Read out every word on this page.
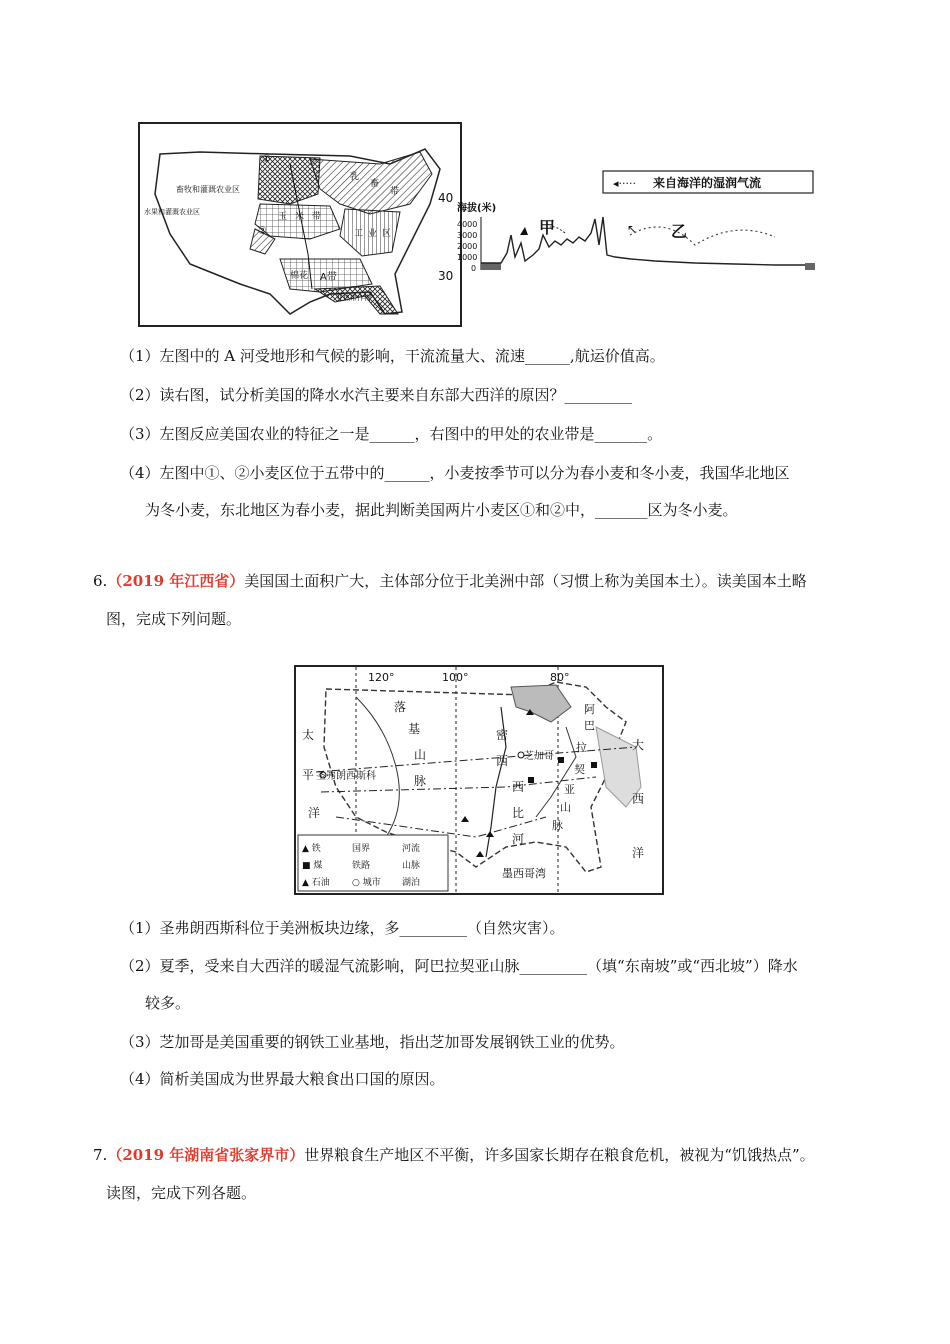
畜牧和灌溉农业区
水果和灌溉农业区
①
②
玉 米 带
乳
畜
带
工 业 区
棉花 A带
亚热带作物
40
30
◂····· 来自海洋的湿润气流
海拔(米)
4000
3000
2000
1000
0
↖
甲	乙
（1）左图中的 A 河受地形和气候的影响，干流流量大、流速______,航运价值高。
（2）读右图，试分析美国的降水水汽主要来自东部大西洋的原因？_________
（3）左图反应美国农业的特征之一是______，右图中的甲处的农业带是_______。
（4）左图中①、②小麦区位于五带中的______，小麦按季节可以分为春小麦和冬小麦，我国华北地区
为冬小麦，东北地区为春小麦，据此判断美国两片小麦区①和②中，_______区为冬小麦。
6.（2019 年江西省）美国国土面积广大，主体部分位于北美洲中部（习惯上称为美国本土）。读美国本土略
图，完成下列问题。
120°	100°	80°
太
平
洋
落
基
山
脉
圣弗朗西斯科
密
西
西
比
河
芝加哥
阿
巴
拉
契
亚
山
脉
大
西
洋
墨西哥湾
▲ 铁	国界	河流
■ 煤	铁路	山脉
▲ 石油 ○ 城市 湖泊
（1）圣弗朗西斯科位于美洲板块边缘，多_________（自然灾害）。
（2）夏季，受来自大西洋的暖湿气流影响，阿巴拉契亚山脉_________（填“东南坡”或“西北坡”）降水
较多。
（3）芝加哥是美国重要的钢铁工业基地，指出芝加哥发展钢铁工业的优势。
（4）简析美国成为世界最大粮食出口国的原因。
7.（2019 年湖南省张家界市）世界粮食生产地区不平衡，许多国家长期存在粮食危机，被视为“饥饿热点”。
读图，完成下列各题。
